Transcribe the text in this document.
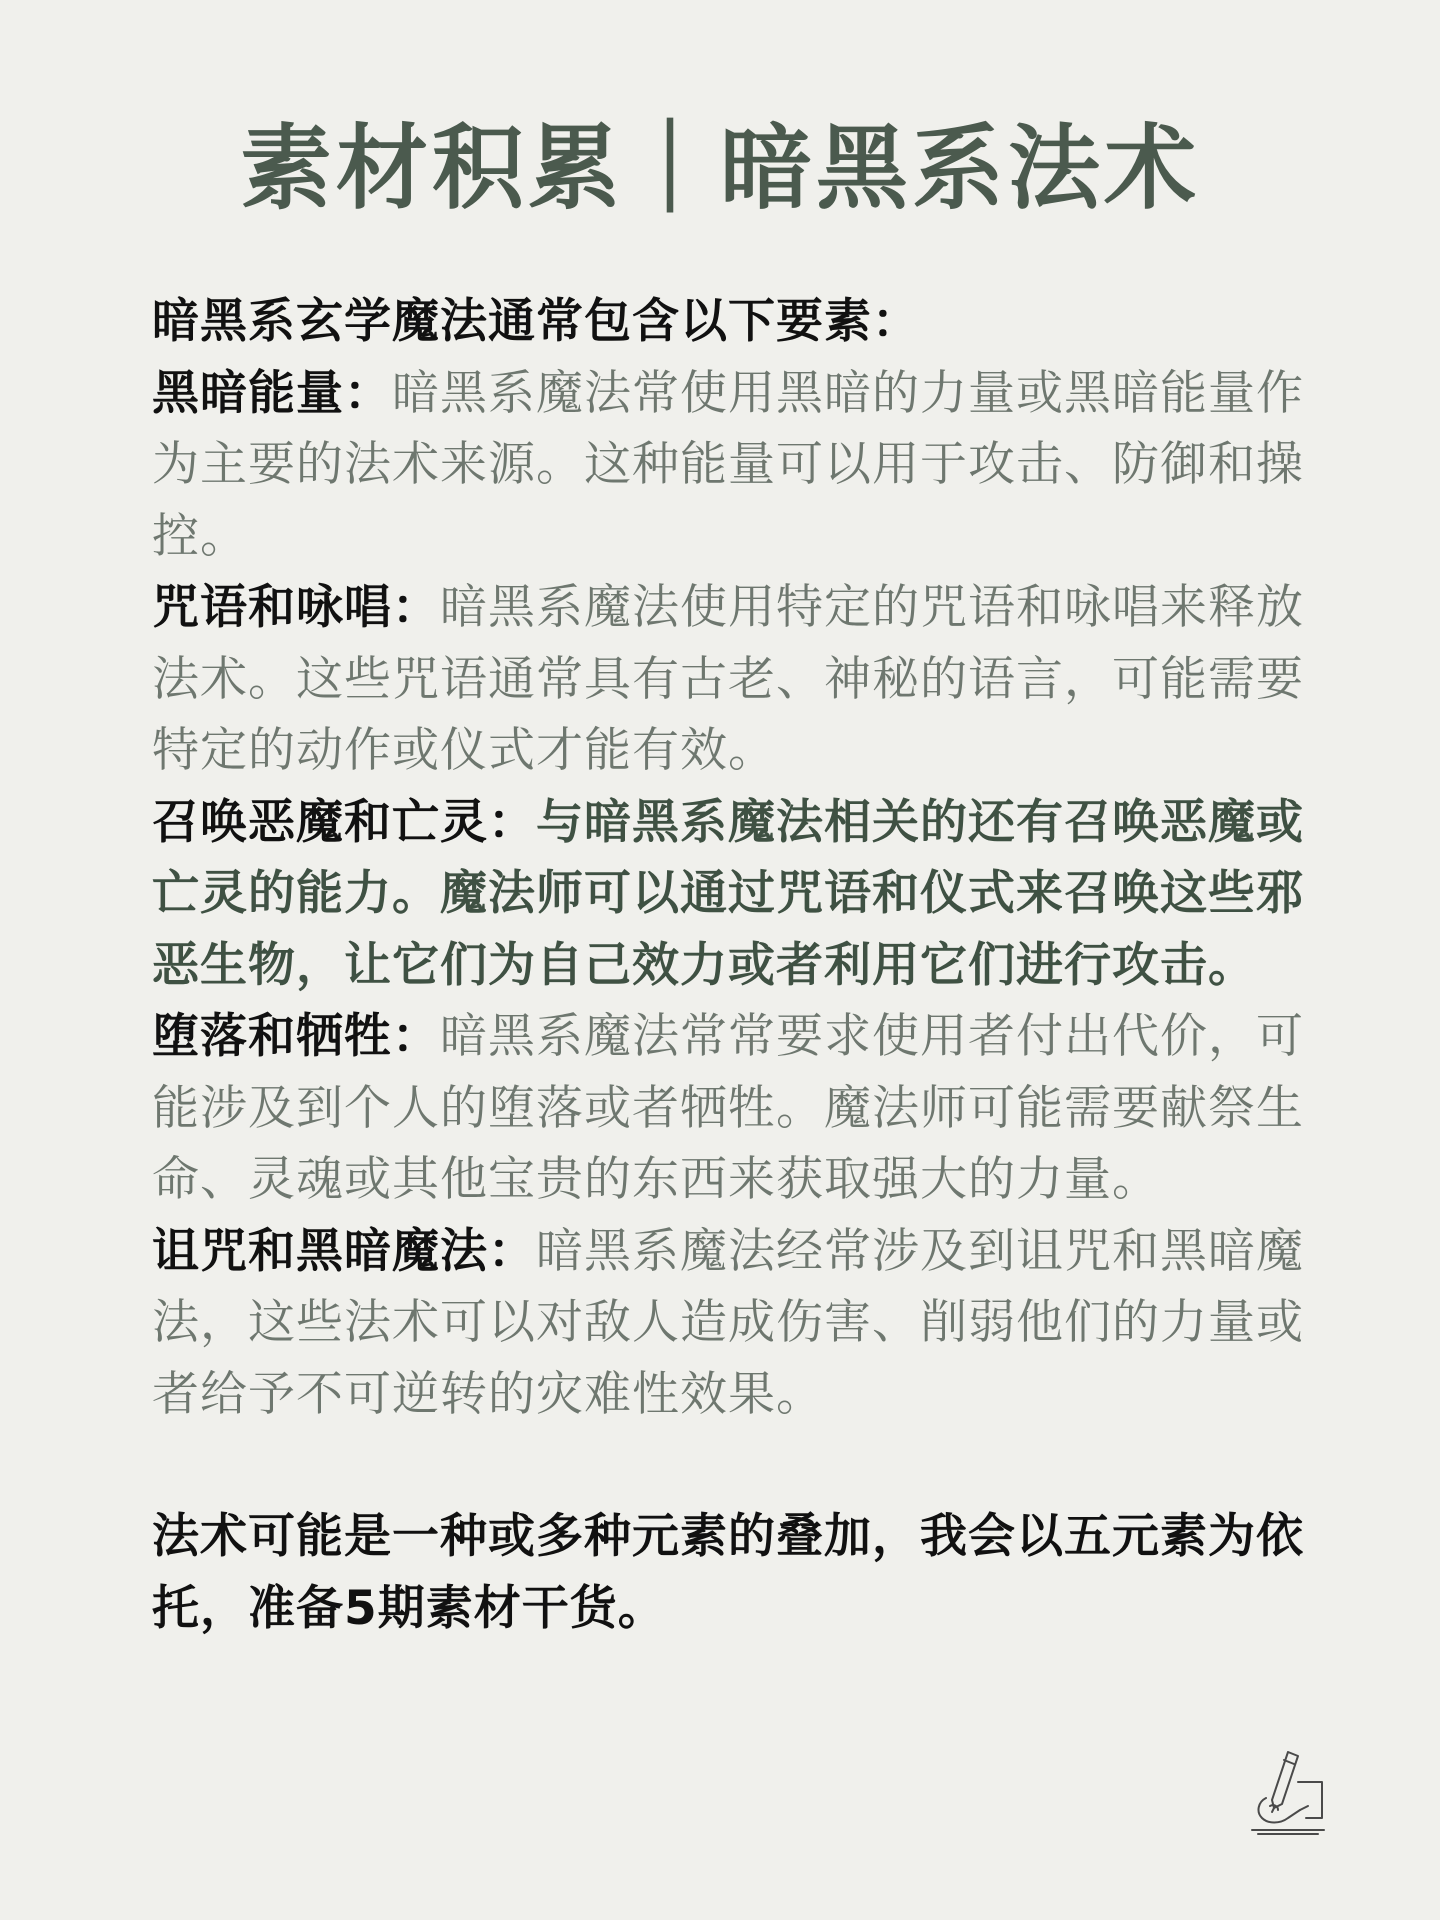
素材积累｜暗黑系法术

暗黑系玄学魔法通常包含以下要素：

黑暗能量：暗黑系魔法常使用黑暗的力量或黑暗能量作为主要的法术来源。这种能量可以用于攻击、防御和操控。

咒语和咏唱：暗黑系魔法使用特定的咒语和咏唱来释放法术。这些咒语通常具有古老、神秘的语言，可能需要特定的动作或仪式才能有效。

召唤恶魔和亡灵：与暗黑系魔法相关的还有召唤恶魔或亡灵的能力。魔法师可以通过咒语和仪式来召唤这些邪恶生物，让它们为自己效力或者利用它们进行攻击。

堕落和牺牲：暗黑系魔法常常要求使用者付出代价，可能涉及到个人的堕落或者牺牲。魔法师可能需要献祭生命、灵魂或其他宝贵的东西来获取强大的力量。

诅咒和黑暗魔法：暗黑系魔法经常涉及到诅咒和黑暗魔法，这些法术可以对敌人造成伤害、削弱他们的力量或者给予不可逆转的灾难性效果。

法术可能是一种或多种元素的叠加，我会以五元素为依托，准备5期素材干货。
